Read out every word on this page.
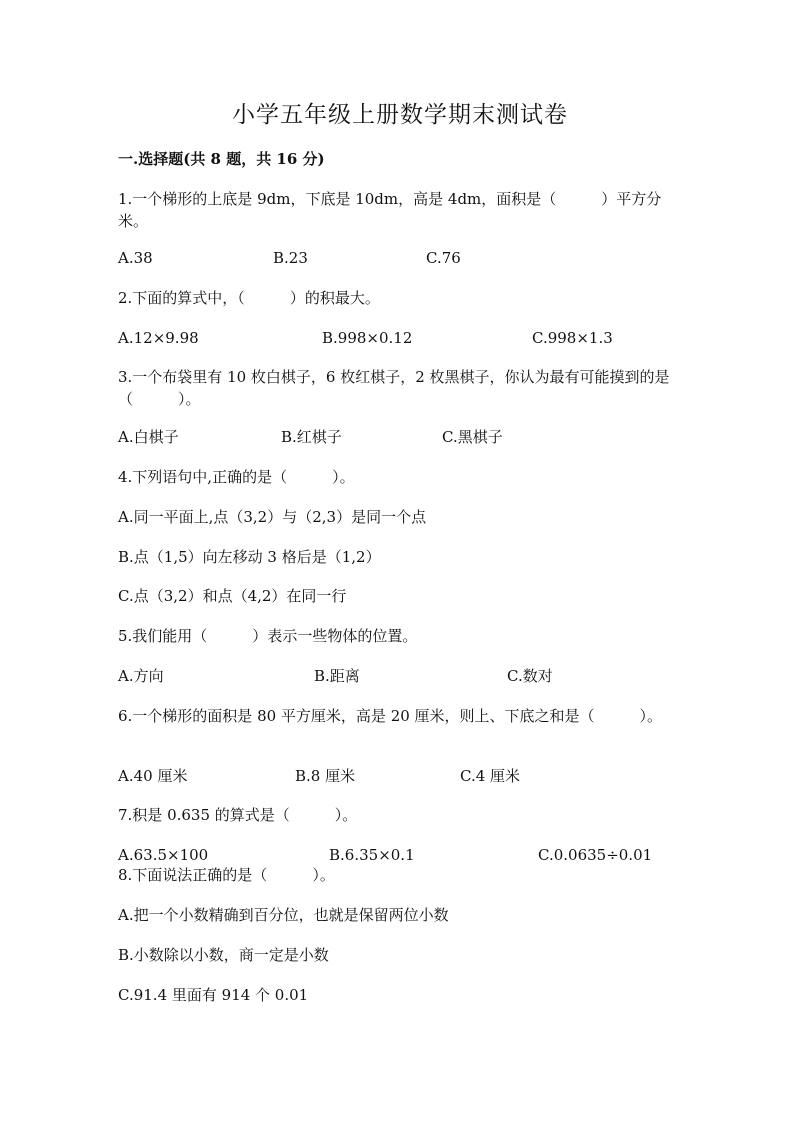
小学五年级上册数学期末测试卷
一.选择题(共 8 题，共 16 分)

1.一个梯形的上底是 9dm，下底是 10dm，高是 4dm，面积是（　　　）平方分米。

A.38	B.23	C.76

2.下面的算式中，（　　　）的积最大。

A.12×9.98	B.998×0.12	C.998×1.3

3.一个布袋里有 10 枚白棋子，6 枚红棋子，2 枚黑棋子，你认为最有可能摸到的是（　　　）。

A.白棋子	B.红棋子	C.黑棋子

4.下列语句中,正确的是（　　　）。

A.同一平面上,点（3,2）与（2,3）是同一个点

B.点（1,5）向左移动 3 格后是（1,2）

C.点（3,2）和点（4,2）在同一行

5.我们能用（　　　）表示一些物体的位置。

A.方向	B.距离	C.数对

6.一个梯形的面积是 80 平方厘米，高是 20 厘米，则上、下底之和是（　　　）。

A.40 厘米	B.8 厘米	C.4 厘米

7.积是 0.635 的算式是（　　　）。

A.63.5×100	B.6.35×0.1	C.0.0635÷0.01

8.下面说法正确的是（　　　）。

A.把一个小数精确到百分位，也就是保留两位小数

B.小数除以小数，商一定是小数

C.91.4 里面有 914 个 0.01
